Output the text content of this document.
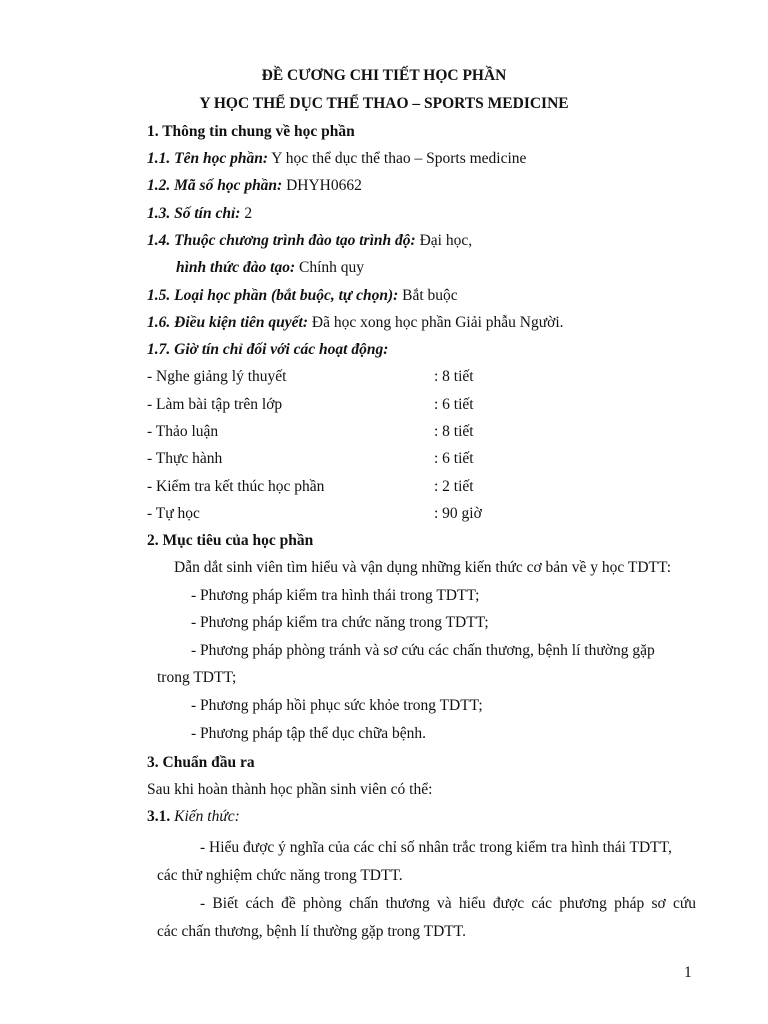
ĐỀ CƯƠNG CHI TIẾT HỌC PHẦN
Y HỌC THỂ DỤC THỂ THAO – SPORTS MEDICINE
1. Thông tin chung về học phần
1.1. Tên học phần: Y học thể dục thể thao – Sports medicine
1.2. Mã số học phần: DHYH0662
1.3. Số tín chỉ: 2
1.4. Thuộc chương trình đào tạo trình độ: Đại học,
hình thức đào tạo: Chính quy
1.5. Loại học phần (bắt buộc, tự chọn): Bắt buộc
1.6. Điều kiện tiên quyết: Đã học xong học phần Giải phẫu Người.
1.7. Giờ tín chỉ đối với các hoạt động:
- Nghe giảng lý thuyết	: 8 tiết
- Làm bài tập trên lớp	: 6 tiết
- Thảo luận	: 8 tiết
- Thực hành	: 6 tiết
- Kiểm tra kết thúc học phần	: 2 tiết
- Tự học	: 90 giờ
2. Mục tiêu của học phần
Dẫn dắt sinh viên tìm hiểu và vận dụng những kiến thức cơ bản về y học TDTT:
- Phương pháp kiểm tra hình thái trong TDTT;
- Phương pháp kiểm tra chức năng trong TDTT;
- Phương pháp phòng tránh và sơ cứu các chấn thương, bệnh lí thường gặp
trong TDTT;
- Phương pháp hồi phục sức khỏe trong TDTT;
- Phương pháp tập thể dục chữa bệnh.
3. Chuẩn đầu ra
Sau khi hoàn thành học phần sinh viên có thể:
3.1. Kiến thức:
- Hiểu được ý nghĩa của các chỉ số nhân trắc trong kiểm tra hình thái TDTT,
các thử nghiệm chức năng trong TDTT.
- Biết cách đề phòng chấn thương và hiểu được các phương pháp sơ cứu
các chấn thương, bệnh lí thường gặp trong TDTT.
1
